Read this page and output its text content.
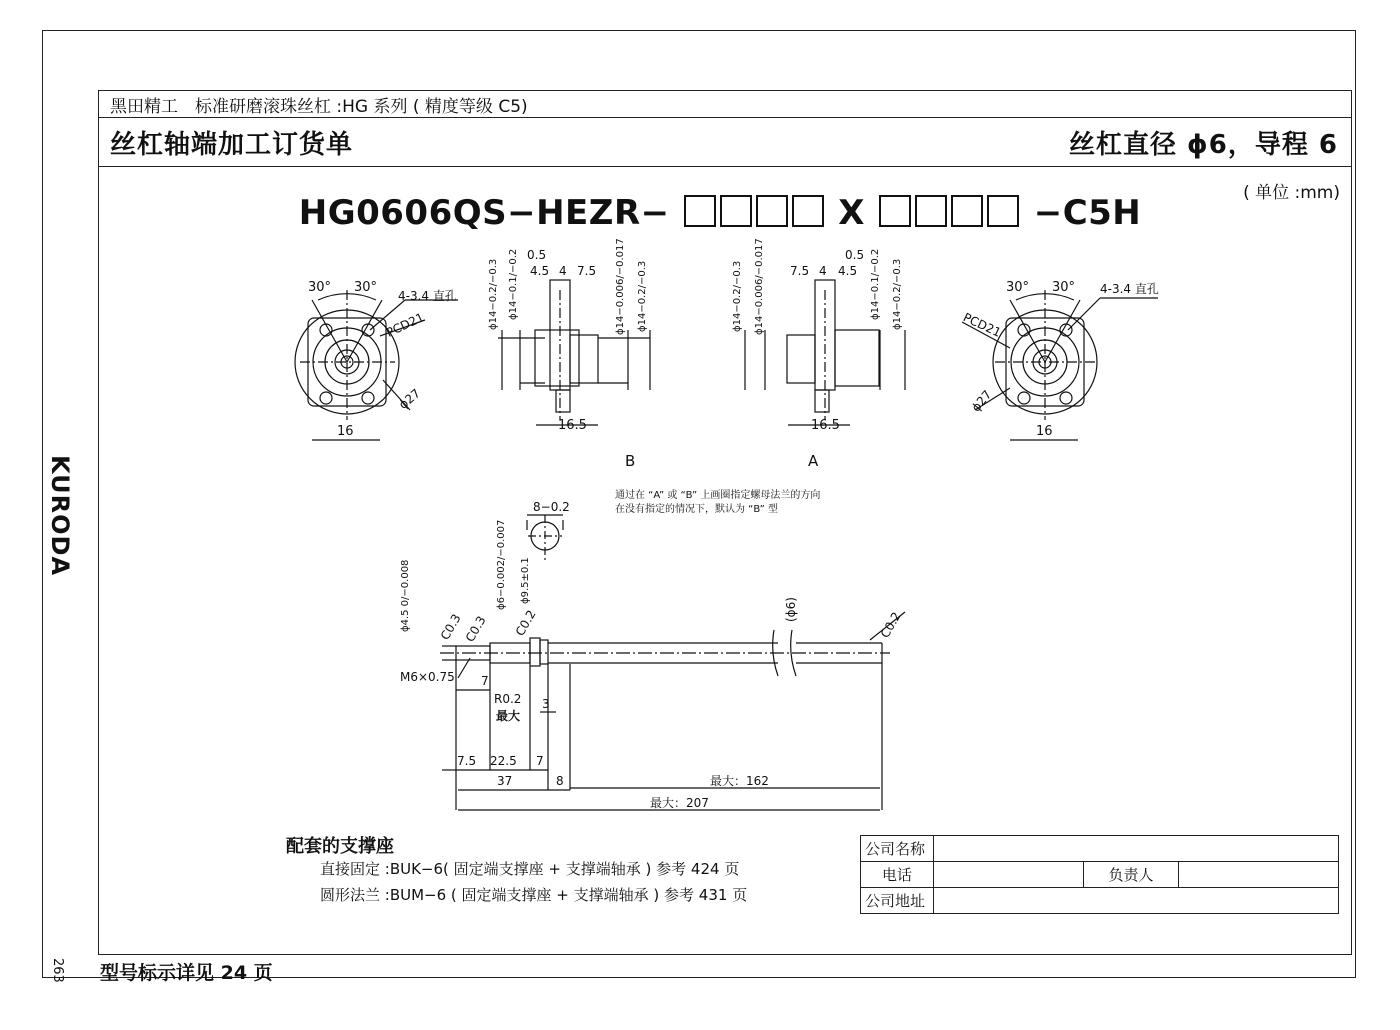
黑田精工　标准研磨滚珠丝杠 :HG 系列 ( 精度等级 C5)
丝杠轴端加工订货单	丝杠直径 ϕ6，导程 6
( 单位 :mm)
HG0606QS−HEZR−	X	−C5H
KURODA
263
30° 30°
4-3.4 直孔
PCD21
ϕ27
16
0.5
4.5 4 7.5
ϕ14−0.2/−0.3 ϕ14−0.1/−0.2	ϕ14−0.006/−0.017 ϕ14−0.2/−0.3
16.5
0.5
4.5
4
7.5
ϕ14−0.2/−0.3 ϕ14−0.006/−0.017	ϕ14−0.1/−0.2 ϕ14−0.2/−0.3
16.5
30° 30° 4-3.4 直孔
PCD21
ϕ27
16
B	A
通过在 “A” 或 “B” 上画圈指定螺母法兰的方向
在没有指定的情况下，默认为 “B” 型
8−0.2
ϕ4.5 0/−0.008	ϕ6−0.002/−0.007 ϕ9.5±0.1
C0.3 C0.3 C0.2	C0.2
(ϕ6)
M6×0.75 7
R0.2
最大
3
7.5 22.5 7
37	8	最大：162
最大：207
配套的支撑座
直接固定 :BUK−6( 固定端支撑座 + 支撑端轴承 ) 参考 424 页
圆形法兰 :BUM−6 ( 固定端支撑座 + 支撑端轴承 ) 参考 431 页
公司名称			
电话		负责人	
公司地址			
型号标示详见 24 页
